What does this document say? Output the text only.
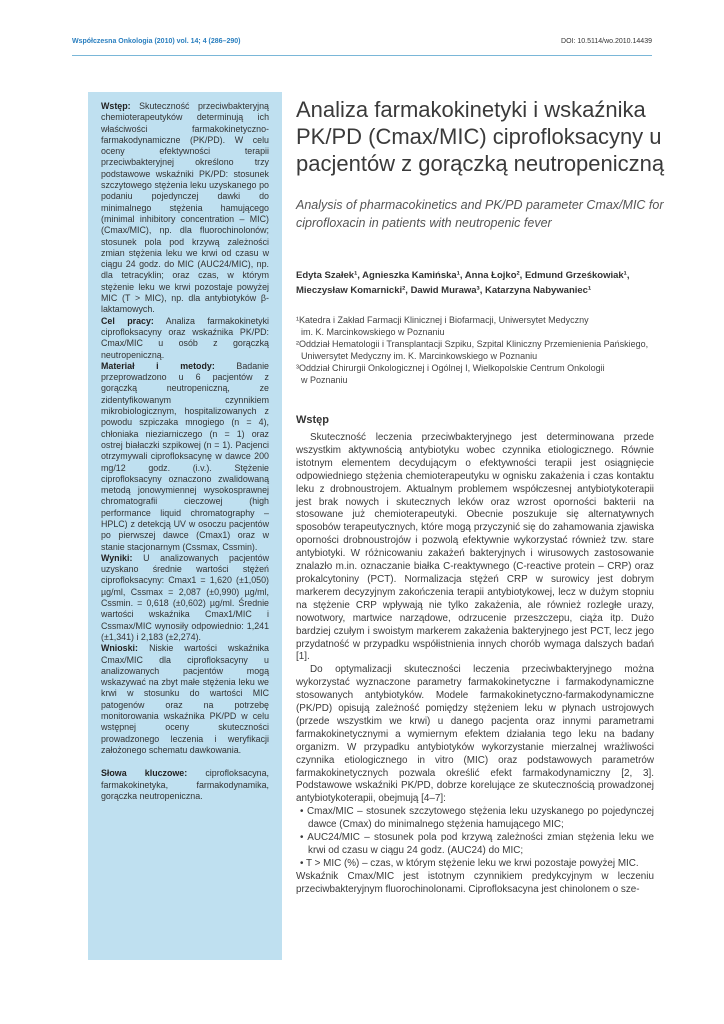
Współczesna Onkologia (2010) vol. 14; 4 (286–290)	DOI: 10.5114/wo.2010.14439

Wstęp: Skuteczność przeciwbakteryjną chemioterapeutyków determinują ich właściwości farmakokinetyczno-farmakodynamiczne (PK/PD). W celu oceny efektywności terapii przeciwbakteryjnej określono trzy podstawowe wskaźniki PK/PD: stosunek szczytowego stężenia leku uzyskanego po podaniu pojedynczej dawki do minimalnego stężenia hamującego (minimal inhibitory concentration – MIC) (Cmax/MIC), np. dla fluorochinolonów; stosunek pola pod krzywą zależności zmian stężenia leku we krwi od czasu w ciągu 24 godz. do MIC (AUC24/MIC), np. dla tetracyklin; oraz czas, w którym stężenie leku we krwi pozostaje powyżej MIC (T > MIC), np. dla antybiotyków β-laktamowych.

Cel pracy: Analiza farmakokinetyki ciprofloksacyny oraz wskaźnika PK/PD: Cmax/MIC u osób z gorączką neutropeniczną.

Materiał i metody: Badanie przeprowadzono u 6 pacjentów z gorączką neutropeniczną, ze zidentyfikowanym czynnikiem mikrobiologicznym, hospitalizowanych z powodu szpiczaka mnogiego (n = 4), chłoniaka nieziarniczego (n = 1) oraz ostrej białaczki szpikowej (n = 1). Pacjenci otrzymywali ciprofloksacynę w dawce 200 mg/12 godz. (i.v.). Stężenie ciprofloksacyny oznaczono zwalidowaną metodą jonowymiennej wysokosprawnej chromatografii cieczowej (high performance liquid chromatography – HPLC) z detekcją UV w osoczu pacjentów po pierwszej dawce (Cmax1) oraz w stanie stacjonarnym (Cssmax, Cssmin).

Wyniki: U analizowanych pacjentów uzyskano średnie wartości stężeń ciprofloksacyny: Cmax1 = 1,620 (±1,050) µg/ml, Cssmax = 2,087 (±0,990) µg/ml, Cssmin. = 0,618 (±0,602) µg/ml. Średnie wartości wskaźnika Cmax1/MIC i Cssmax/MIC wynosiły odpowiednio: 1,241 (±1,341) i 2,183 (±2,274).

Wnioski: Niskie wartości wskaźnika Cmax/MIC dla ciprofloksacyny u analizowanych pacjentów mogą wskazywać na zbyt małe stężenia leku we krwi w stosunku do wartości MIC patogenów oraz na potrzebę monitorowania wskaźnika PK/PD w celu wstępnej oceny skuteczności prowadzonego leczenia i weryfikacji założonego schematu dawkowania.

Słowa kluczowe: ciprofloksacyna, farmakokinetyka, farmakodynamika, gorączka neutropeniczna.

Analiza farmakokinetyki i wskaźnika PK/PD (Cmax/MIC) ciprofloksacyny u pacjentów z gorączką neutropeniczną
Analysis of pharmacokinetics and PK/PD parameter Cmax/MIC for ciprofloxacin in patients with neutropenic fever
Edyta Szałek¹, Agnieszka Kamińska¹, Anna Łojko², Edmund Grześkowiak¹, Mieczysław Komarnicki², Dawid Murawa³, Katarzyna Nabywaniec¹
¹Katedra i Zakład Farmacji Klinicznej i Biofarmacji, Uniwersytet Medyczny
im. K. Marcinkowskiego w Poznaniu
²Oddział Hematologii i Transplantacji Szpiku, Szpital Kliniczny Przemienienia Pańskiego,
Uniwersytet Medyczny im. K. Marcinkowskiego w Poznaniu
³Oddział Chirurgii Onkologicznej i Ogólnej I, Wielkopolskie Centrum Onkologii
w Poznaniu
Wstęp

Skuteczność leczenia przeciwbakteryjnego jest determinowana przede wszystkim aktywnością antybiotyku wobec czynnika etiologicznego. Równie istotnym elementem decydującym o efektywności terapii jest osiągnięcie odpowiedniego stężenia chemioterapeutyku w ognisku zakażenia i czas kontaktu leku z drobnoustrojem. Aktualnym problemem współczesnej antybiotykoterapii jest brak nowych i skutecznych leków oraz wzrost oporności bakterii na stosowane już chemioterapeutyki. Obecnie poszukuje się alternatywnych sposobów terapeutycznych, które mogą przyczynić się do zahamowania zjawiska oporności drobnoustrojów i pozwolą efektywnie wykorzystać również tzw. stare antybiotyki. W różnicowaniu zakażeń bakteryjnych i wirusowych zastosowanie znalazło m.in. oznaczanie białka C-reaktywnego (C-reactive protein – CRP) oraz prokalcytoniny (PCT). Normalizacja stężeń CRP w surowicy jest dobrym markerem decyzyjnym zakończenia terapii antybiotykowej, lecz w dużym stopniu na stężenie CRP wpływają nie tylko zakażenia, ale również rozległe urazy, nowotwory, martwice narządowe, odrzucenie przeszczepu, ciąża itp. Dużo bardziej czułym i swoistym markerem zakażenia bakteryjnego jest PCT, lecz jego przydatność w przypadku współistnienia innych chorób wymaga dalszych badań [1].

Do optymalizacji skuteczności leczenia przeciwbakteryjnego można wykorzystać wyznaczone parametry farmakokinetyczne i farmakodynamiczne stosowanych antybiotyków. Modele farmakokinetyczno-farmakodynamiczne (PK/PD) opisują zależność pomiędzy stężeniem leku w płynach ustrojowych (przede wszystkim we krwi) u danego pacjenta oraz innymi parametrami farmakokinetycznymi a wymiernym efektem działania tego leku na badany organizm. W przypadku antybiotyków wykorzystanie mierzalnej wrażliwości czynnika etiologicznego in vitro (MIC) oraz podstawowych parametrów farmakokinetycznych pozwala określić efekt farmakodynamiczny [2, 3]. Podstawowe wskaźniki PK/PD, dobrze korelujące ze skutecznością prowadzonej antybiotykoterapii, obejmują [4–7]:

• Cmax/MIC – stosunek szczytowego stężenia leku uzyskanego po pojedynczej dawce (Cmax) do minimalnego stężenia hamującego MIC;

• AUC24/MIC – stosunek pola pod krzywą zależności zmian stężenia leku we krwi od czasu w ciągu 24 godz. (AUC24) do MIC;

• T > MIC (%) – czas, w którym stężenie leku we krwi pozostaje powyżej MIC.

Wskaźnik Cmax/MIC jest istotnym czynnikiem predykcyjnym w leczeniu przeciwbakteryjnym fluorochinolonami. Ciprofloksacyna jest chinolonem o sze-
